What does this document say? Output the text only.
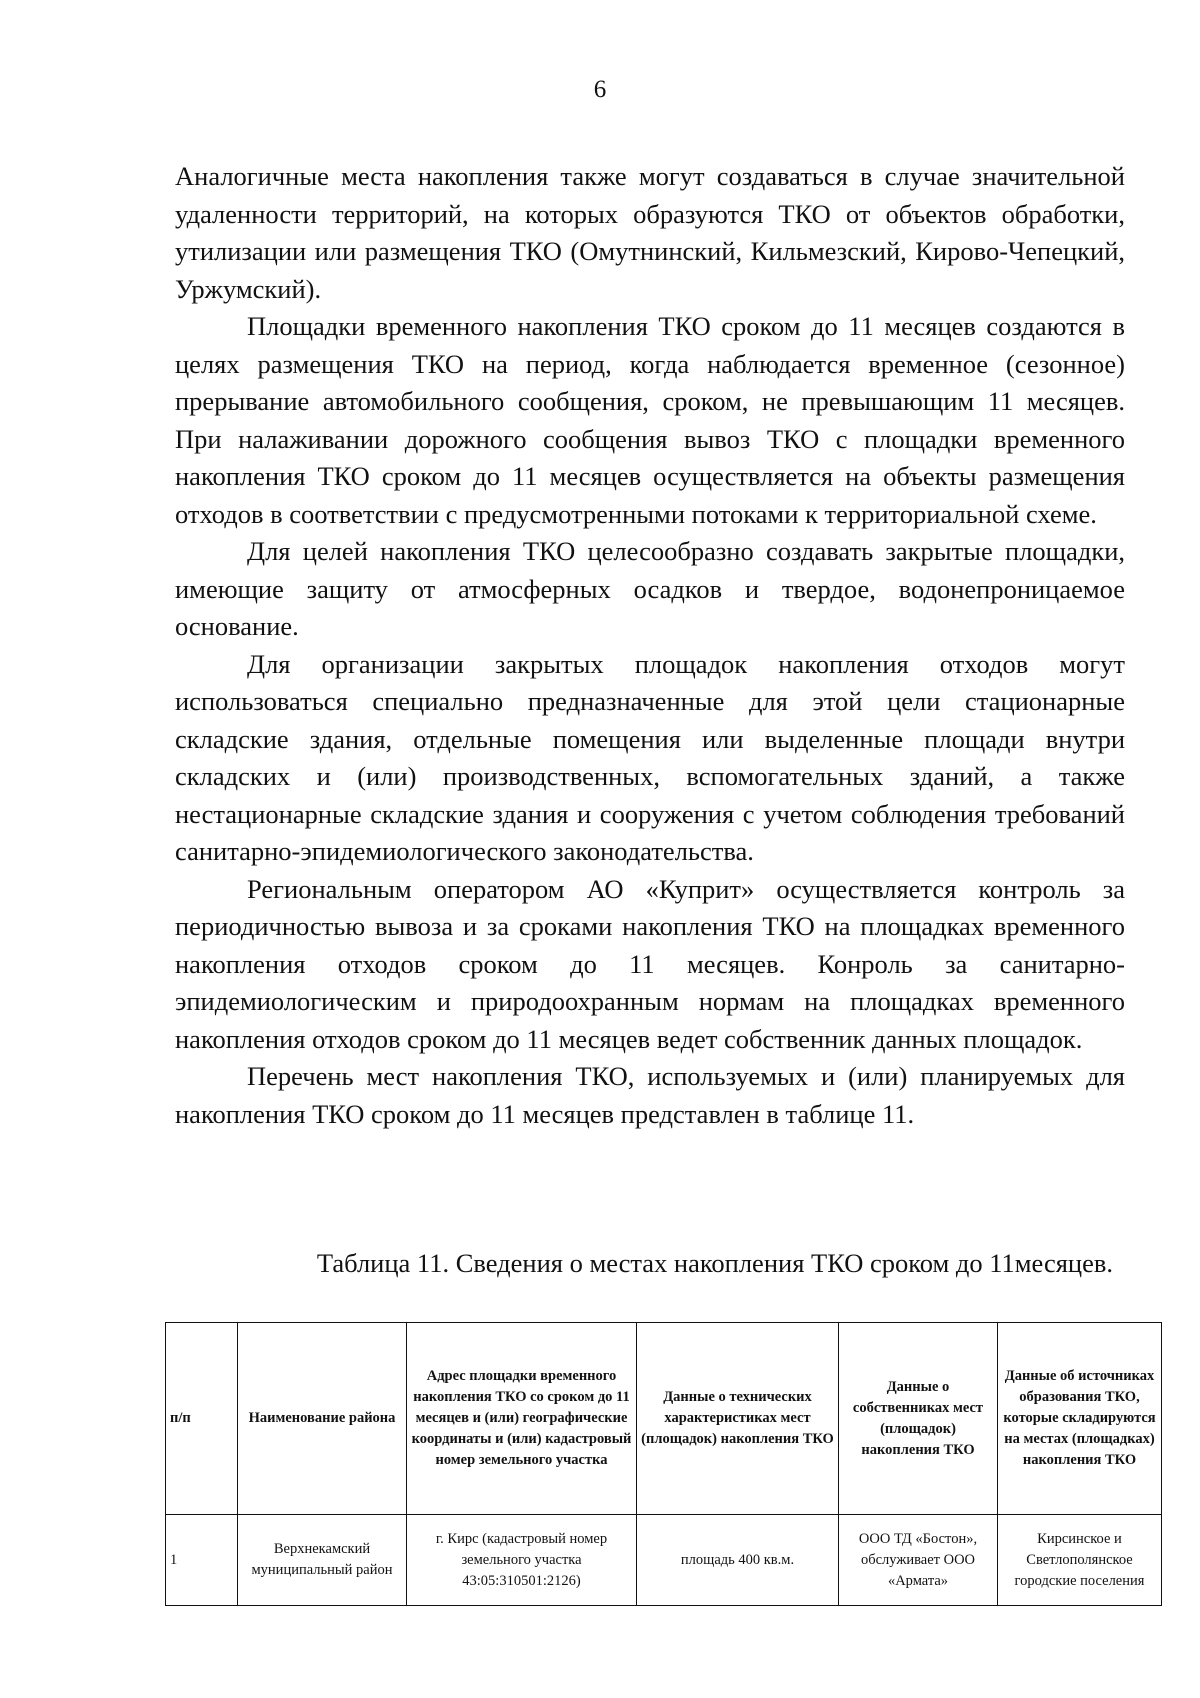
6

Аналогичные места накопления также могут создаваться в случае значительной удаленности территорий, на которых образуются ТКО от объектов обработки, утилизации или размещения ТКО (Омутнинский, Кильмезский, Кирово-Чепецкий, Уржумский).

Площадки временного накопления ТКО сроком до 11 месяцев создаются в целях размещения ТКО на период, когда наблюдается временное (сезонное) прерывание автомобильного сообщения, сроком, не превышающим 11 месяцев. При налаживании дорожного сообщения вывоз ТКО с площадки временного накопления ТКО сроком до 11 месяцев осуществляется на объекты размещения отходов в соответствии с предусмотренными потоками к территориальной схеме.

Для целей накопления ТКО целесообразно создавать закрытые площадки, имеющие защиту от атмосферных осадков и твердое, водонепроницаемое основание.

Для организации закрытых площадок накопления отходов могут использоваться специально предназначенные для этой цели стационарные складские здания, отдельные помещения или выделенные площади внутри складских и (или) производственных, вспомогательных зданий, а также нестационарные складские здания и сооружения с учетом соблюдения требований санитарно-эпидемиологического законодательства.

Региональным оператором АО «Куприт» осуществляется контроль за периодичностью вывоза и за сроками накопления ТКО на площадках временного накопления отходов сроком до 11 месяцев. Конроль за санитарно-эпидемиологическим и природоохранным нормам на площадках временного накопления отходов сроком до 11 месяцев ведет собственник данных площадок.

Перечень мест накопления ТКО, используемых и (или) планируемых для накопления ТКО сроком до 11 месяцев представлен в таблице 11.

Таблица 11. Сведения о местах накопления ТКО сроком до 11месяцев.
п/п	Наименование района	Адрес площадки временного накопления ТКО со сроком до 11 месяцев и (или) географические координаты и (или) кадастровый номер земельного участка	Данные о технических характеристиках мест (площадок) накопления ТКО	Данные о собственниках мест (площадок) накопления ТКО	Данные об источниках образования ТКО, которые складируются на местах (площадках) накопления ТКО
1	Верхнекамский муниципальный район	г. Кирс (кадастровый номер земельного участка 43:05:310501:2126)	площадь 400 кв.м.	ООО ТД «Бостон», обслуживает ООО «Армата»	Кирсинское и Светлополянское городские поселения
